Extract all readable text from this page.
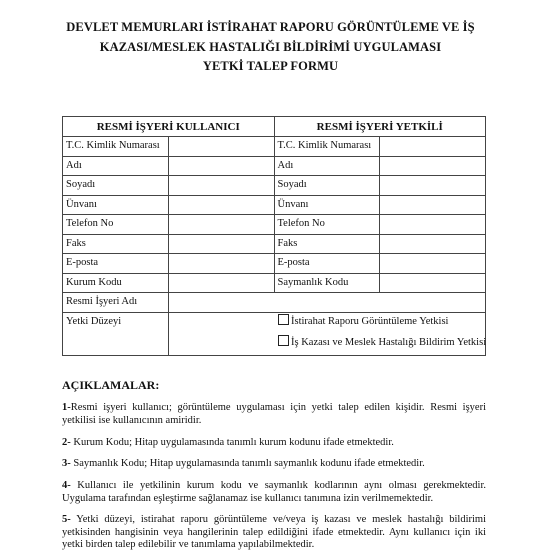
DEVLET MEMURLARI İSTİRAHAT RAPORU GÖRÜNTÜLEME VE İŞ
KAZASI/MESLEK HASTALIĞI BİLDİRİMİ UYGULAMASI
YETKİ TALEP FORMU
RESMİ İŞYERİ KULLANICI		RESMİ İŞYERİ YETKİLİ	
T.C. Kimlik Numarası		T.C. Kimlik Numarası	
Adı		Adı	
Soyadı		Soyadı	
Ünvanı		Ünvanı	
Telefon No		Telefon No	
Faks		Faks	
E-posta		E-posta	
Kurum Kodu		Saymanlık Kodu	
Resmi İşyeri Adı			
Yetki Düzeyi		İstirahat Raporu Görüntüleme Yetkisi	
		İş Kazası ve Meslek Hastalığı Bildirim Yetkisi	
AÇIKLAMALAR:
1-Resmi işyeri kullanıcı; görüntüleme uygulaması için yetki talep edilen kişidir. Resmi işyeri yetkilisi ise kullanıcının amiridir.
2- Kurum Kodu; Hitap uygulamasında tanımlı kurum kodunu ifade etmektedir.
3- Saymanlık Kodu; Hitap uygulamasında tanımlı saymanlık kodunu ifade etmektedir.
4- Kullanıcı ile yetkilinin kurum kodu ve saymanlık kodlarının aynı olması gerekmektedir. Uygulama tarafından eşleştirme sağlanamaz ise kullanıcı tanımına izin verilmemektedir.
5- Yetki düzeyi, istirahat raporu görüntüleme ve/veya iş kazası ve meslek hastalığı bildirimi yetkisinden hangisinin veya hangilerinin talep edildiğini ifade etmektedir. Aynı kullanıcı için iki yetki birden talep edilebilir ve tanımlama yapılabilmektedir.
